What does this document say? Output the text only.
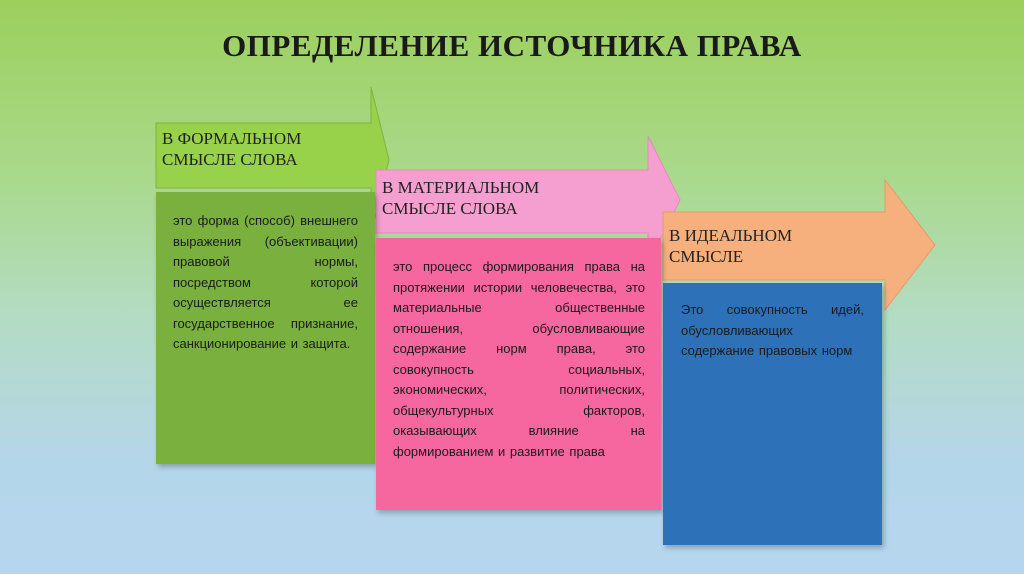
ОПРЕДЕЛЕНИЕ ИСТОЧНИКА ПРАВА
В ФОРМАЛЬНОМ
СМЫСЛЕ СЛОВА
В МАТЕРИАЛЬНОМ
СМЫСЛЕ СЛОВА
В ИДЕАЛЬНОМ
СМЫСЛЕ

это форма (способ) внешнего выражения (объективации) правовой нормы, посредством которой осуществляется ее государственное признание, санкционирование и защита.

это процесс формирования права на протяжении истории человечества, это материальные общественные отношения, обусловливающие содержание норм права, это совокупность социальных, экономических, политических, общекультурных факторов, оказывающих влияние на формированием и развитие права

Это совокупность идей, обусловливающих содержание правовых норм
